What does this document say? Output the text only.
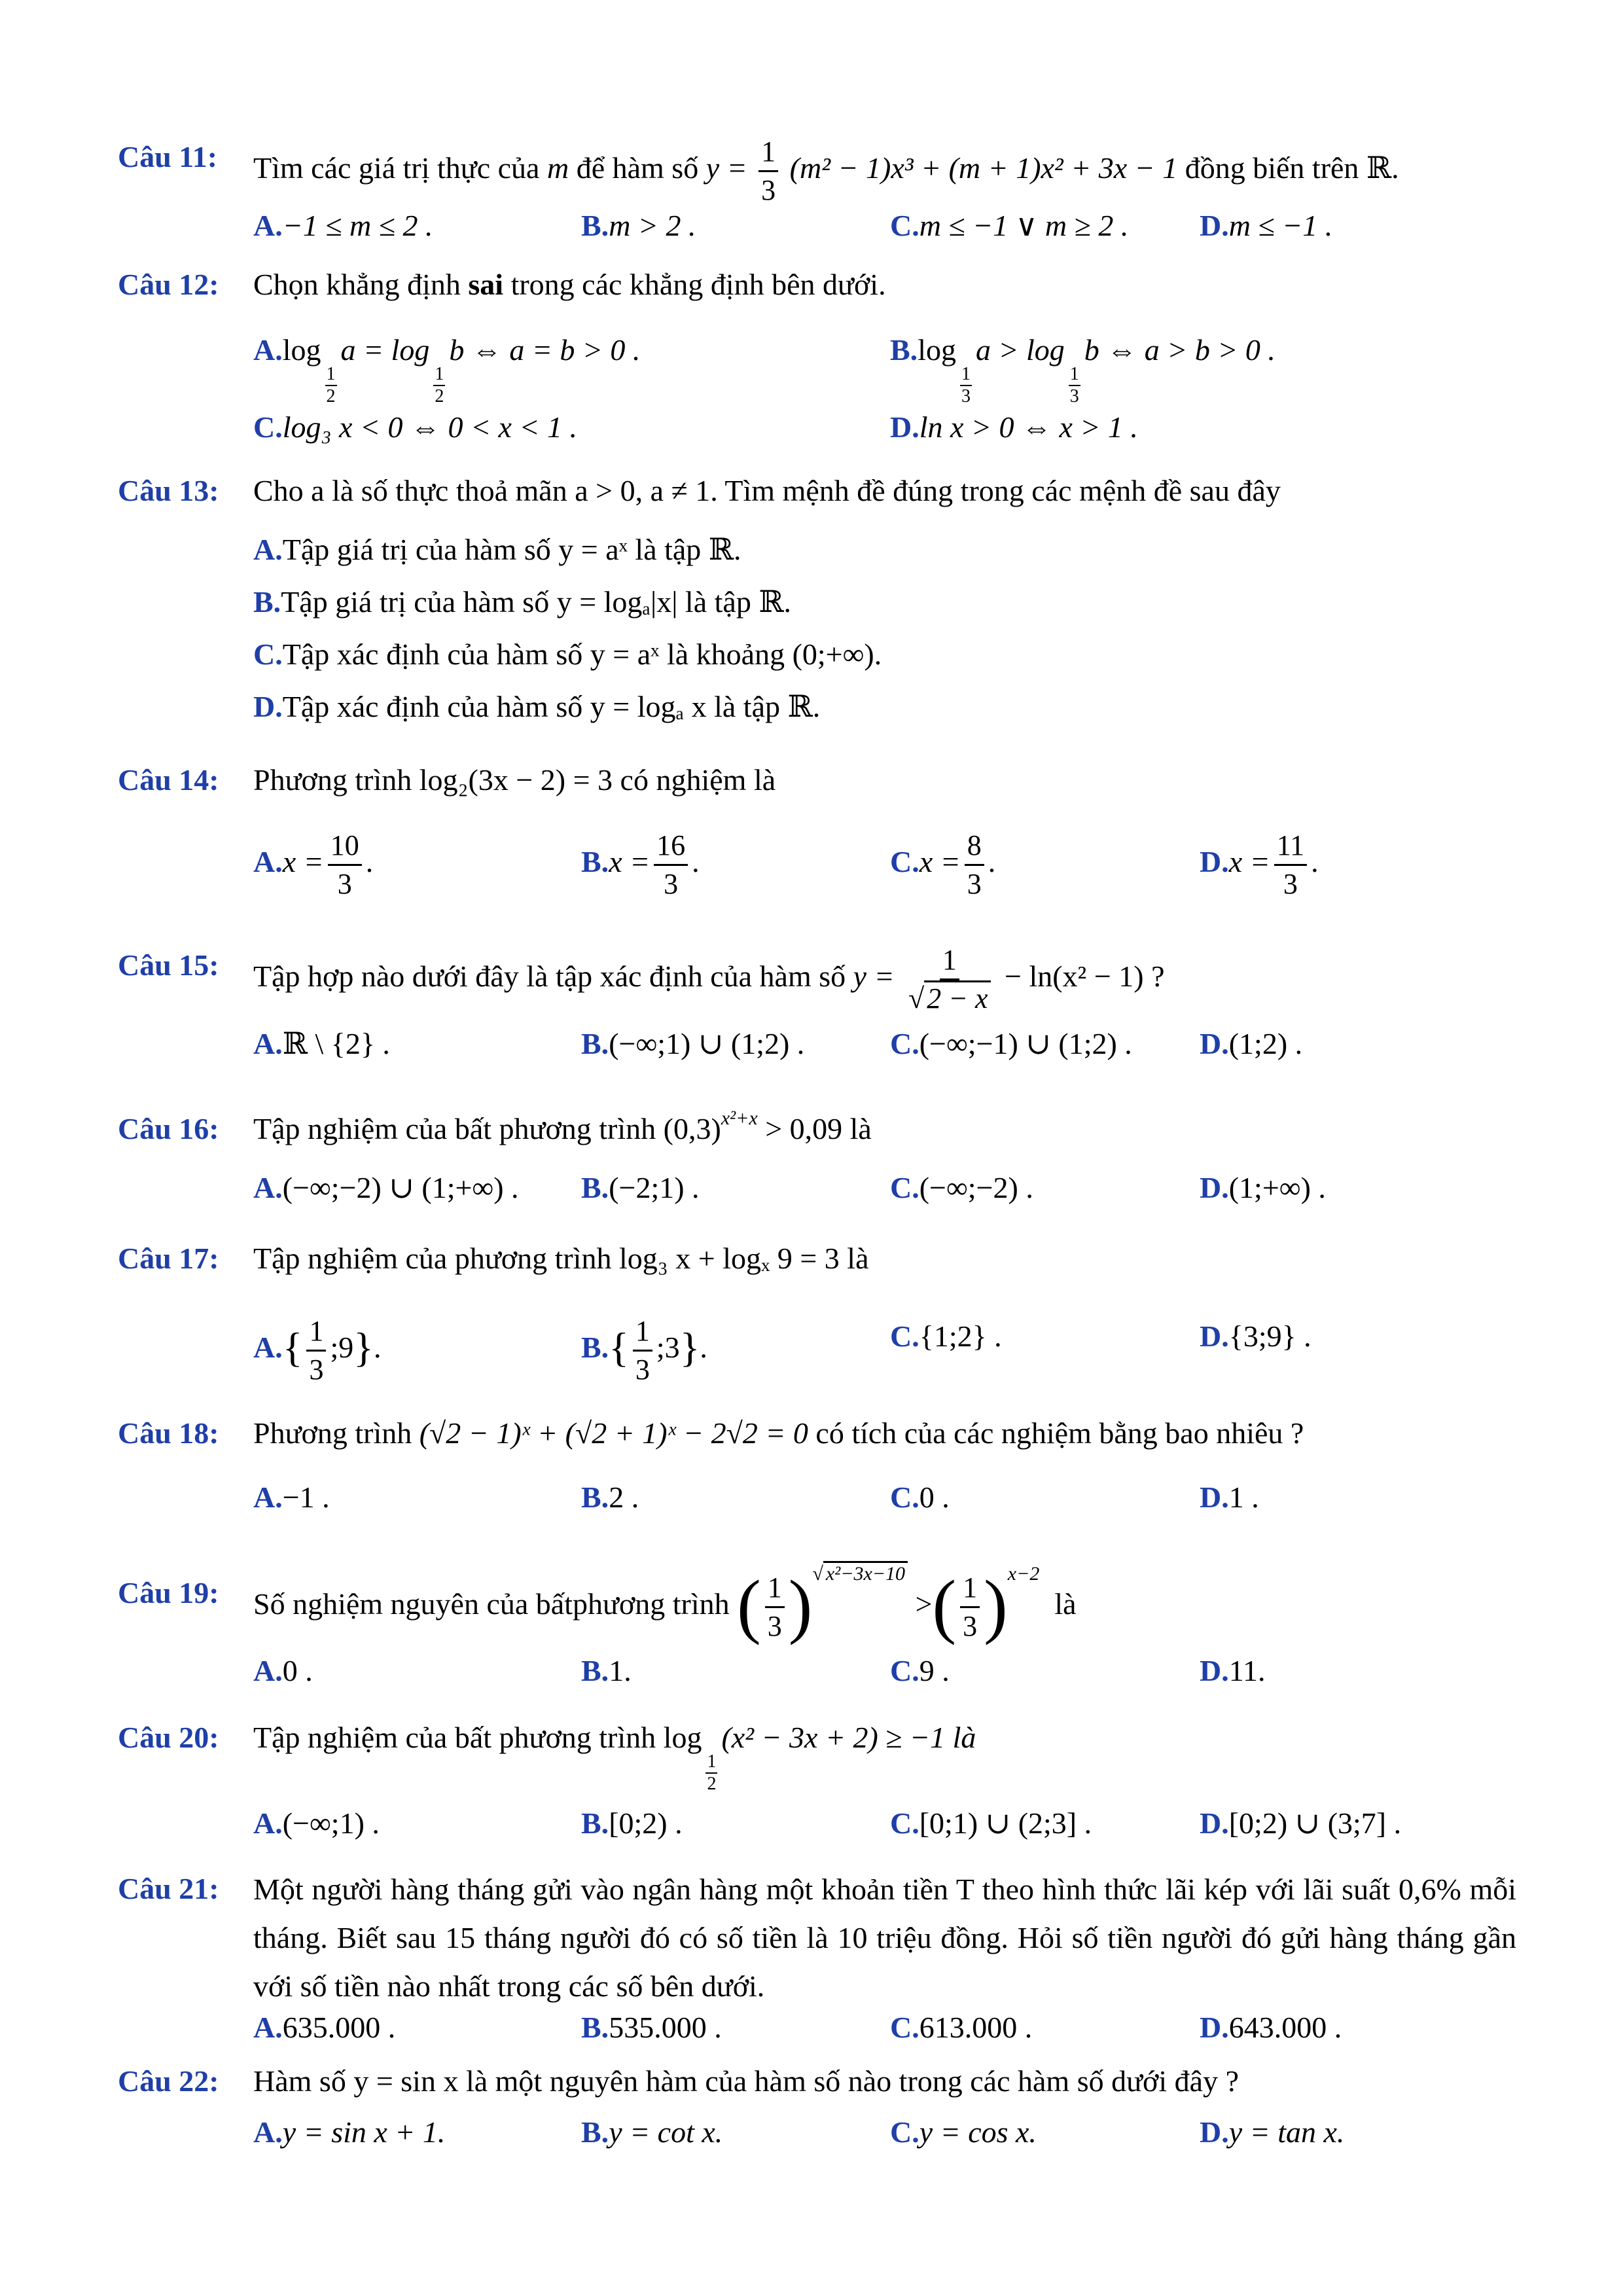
Câu 11: Tìm các giá trị thực của m để hàm số $y = \frac{1}{3} (m^2 - 1)x^3 + (m + 1)x^2 + 3x - 1$ đồng biến trên ℝ.
A.−1 ≤ m ≤ 2 .	B.m > 2 .	C.m ≤ −1 ∨ m ≥ 2 . D.m ≤ −1 .
Câu 12: Chọn khẳng định sai trong các khẳng định bên dưới.
A.log
$\frac{1}{2}$
a = log
$\frac{1}{2}$
b ⇔ a = b > 0 .	B.log
$\frac{1}{3}$
a > log
$\frac{1}{3}$
b ⇔ a > b > 0 .
C.log₃ x < 0 ⇔ 0 < x < 1 .	D.ln x > 0 ⇔ x > 1 .
Câu 13: Cho a là số thực thoả mãn a > 0, a ≠ 1. Tìm mệnh đề đúng trong các mệnh đề sau đây
A.Tập giá trị của hàm số y = aˣ là tập ℝ.
B.Tập giá trị của hàm số y = logₐ|x| là tập ℝ.
C.Tập xác định của hàm số y = aˣ là khoảng (0;+∞).
D.Tập xác định của hàm số y = logₐ x là tập ℝ.
Câu 14: Phương trình log₂(3x − 2) = 3 có nghiệm là
$A.x = \frac{10}{3}$ .	$B.x = \frac{16}{3}$ .	$C.x = \frac{8}{3}$ .	$D.x = \frac{11}{3}$ .
Câu 15: Tập hợp nào dưới đây là tập xác định của hàm số $y = \frac{1}{√2 - x} - \ln(x^2 - 1)$ ?
A.ℝ \ {2} .	B.(−∞;1) ∪ (1;2) .	C.(−∞;−1) ∪ (1;2) . D.(1;2) .
Câu 16: Tập nghiệm của bất phương trình $(0,3)^{x^2+x} > 0,09$ là
A.(−∞;−2) ∪ (1;+∞) . B.(−2;1) .	C.(−∞;−2) .	D.(1;+∞) .
Câu 17: Tập nghiệm của phương trình log₃ x + logₓ 9 = 3 là
$A.\{ \frac{1}{3}$ ;9}.	$B.\{ \frac{1}{3}$ ;3}.	C.{1;2} .	D.{3;9} .
Câu 18: Phương trình (√2 − 1)ˣ + (√2 + 1)ˣ − 2√2 = 0 có tích của các nghiệm bằng bao nhiêu ?
A.−1 .	B.2 .	C.0 .	D.1 .
Câu 19: Số nghiệm nguyên của bấtphương trình ( $\frac{1}{3} )^{√ x^2-3x-10}$ >( $\frac{1}{3} )^{x-2}$  là
A.0 .	B.1.	C.9 .	D.11.
Câu 20: Tập nghiệm của bất phương trình log
$\frac{1}{2}$
(x² − 3x + 2) ≥ −1 là
A.(−∞;1) .	B.[0;2) .	C.[0;1) ∪ (2;3] .	D.[0;2) ∪ (3;7] .
Câu 21: Một người hàng tháng gửi vào ngân hàng một khoản tiền T theo hình thức lãi kép với lãi suất 0,6% mỗi tháng. Biết sau 15 tháng người đó có số tiền là 10 triệu đồng. Hỏi số tiền người đó gửi hàng tháng gần với số tiền nào nhất trong các số bên dưới.
A.635.000 .	B.535.000 .	C.613.000 .	D.643.000 .
Câu 22: Hàm số y = sin x là một nguyên hàm của hàm số nào trong các hàm số dưới đây ?
A.y = sin x + 1.	B.y = cot x.	C.y = cos x.	D.y = tan x.
